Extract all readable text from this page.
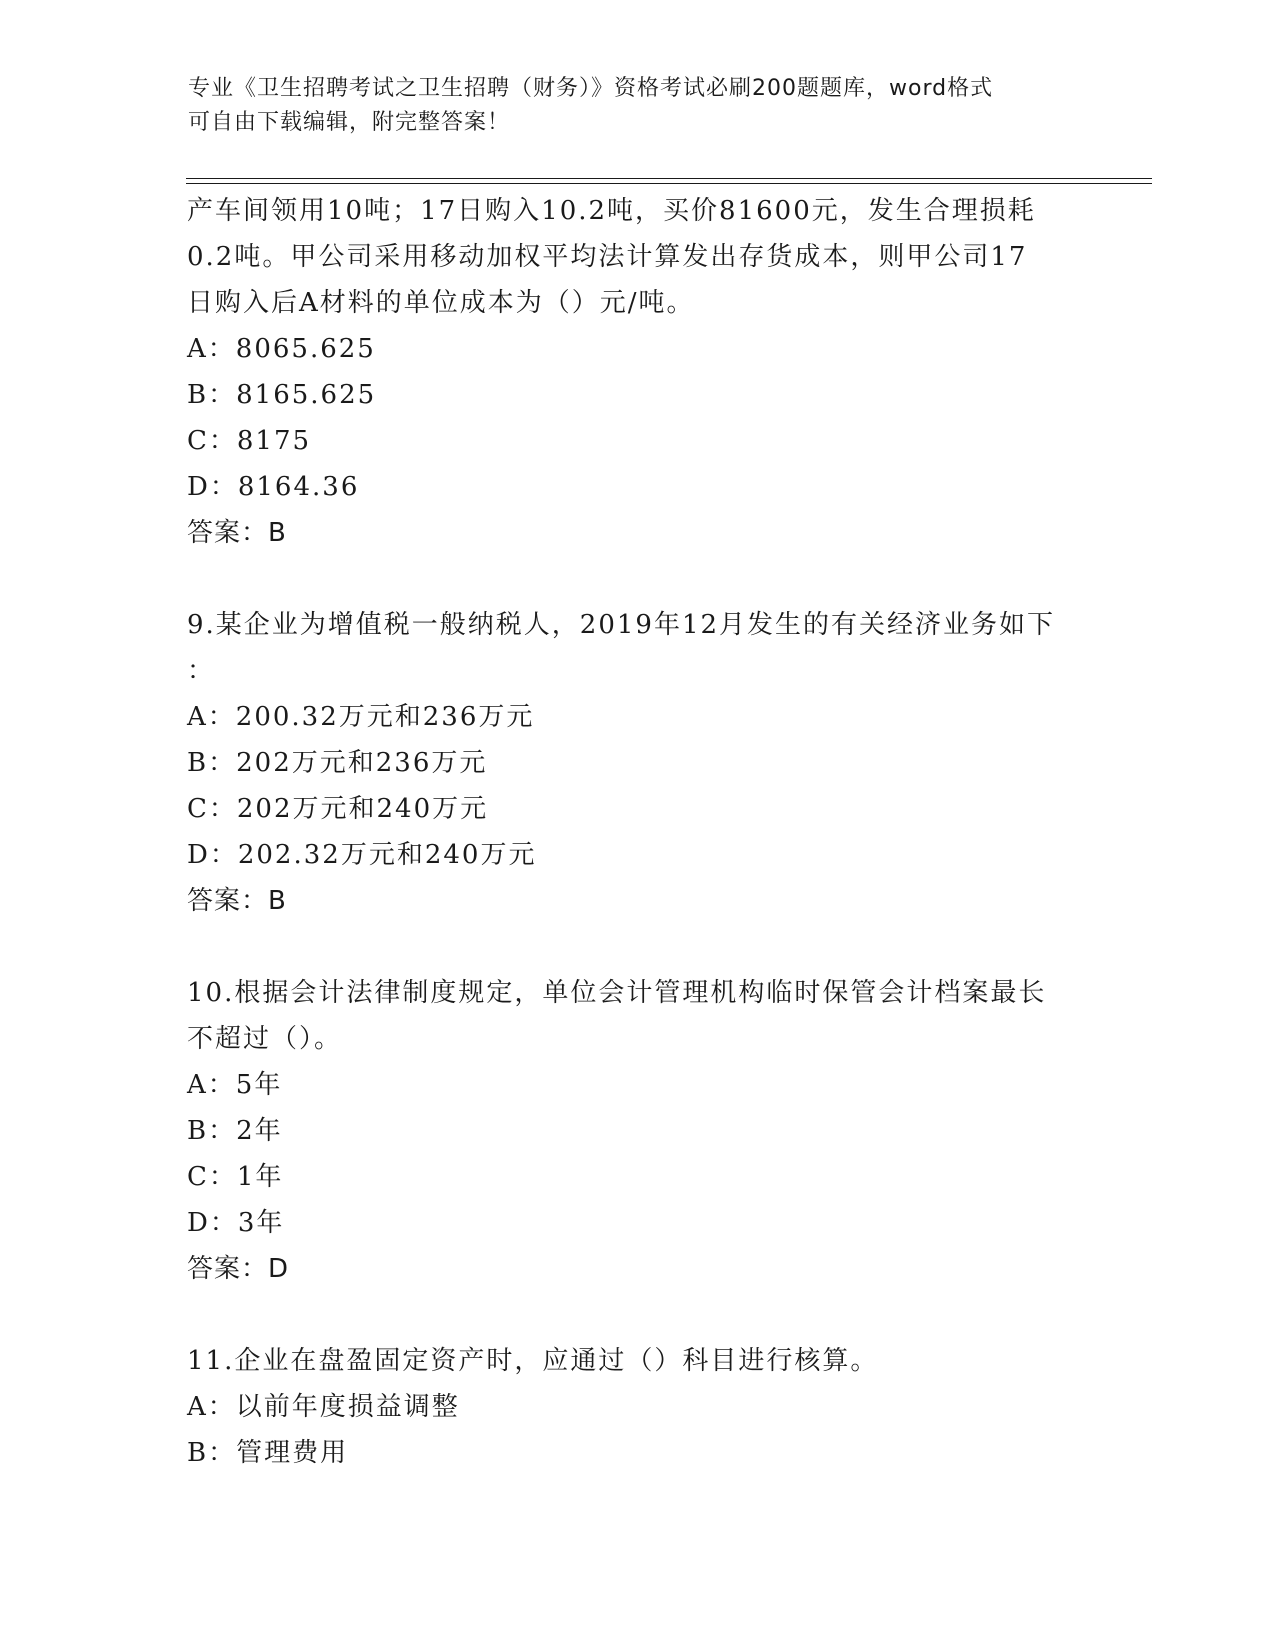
专业《卫生招聘考试之卫生招聘（财务）》资格考试必刷200题题库，word格式
可自由下载编辑，附完整答案！
产车间领用10吨；17日购入10.2吨，买价81600元，发生合理损耗
0.2吨。甲公司采用移动加权平均法计算发出存货成本，则甲公司17
日购入后A材料的单位成本为（）元/吨。
A：8065.625
B：8165.625
C：8175
D：8164.36
答案：B
9.某企业为增值税一般纳税人，2019年12月发生的有关经济业务如下
：
A：200.32万元和236万元
B：202万元和236万元
C：202万元和240万元
D：202.32万元和240万元
答案：B
10.根据会计法律制度规定，单位会计管理机构临时保管会计档案最长
不超过（）。
A：5年
B：2年
C：1年
D：3年
答案：D
11.企业在盘盈固定资产时，应通过（）科目进行核算。
A：以前年度损益调整
B：管理费用
